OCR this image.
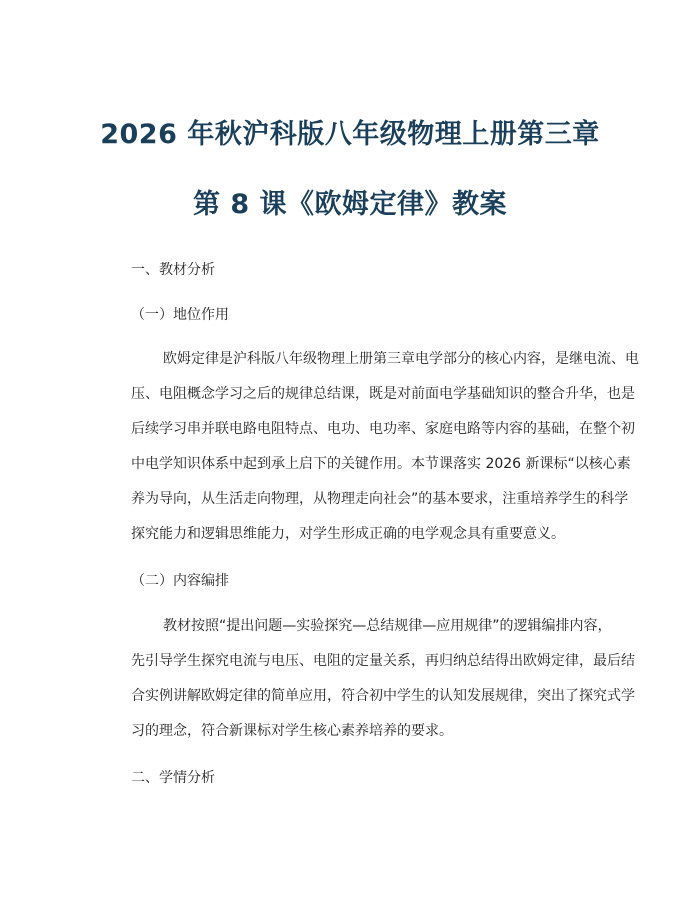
2026 年秋沪科版八年级物理上册第三章
第 8 课《欧姆定律》教案
一、教材分析
（一）地位作用
欧姆定律是沪科版八年级物理上册第三章电学部分的核心内容，是继电流、电
压、电阻概念学习之后的规律总结课，既是对前面电学基础知识的整合升华，也是
后续学习串并联电路电阻特点、电功、电功率、家庭电路等内容的基础，在整个初
中电学知识体系中起到承上启下的关键作用。本节课落实 2026 新课标“以核心素
养为导向，从生活走向物理，从物理走向社会”的基本要求，注重培养学生的科学
探究能力和逻辑思维能力，对学生形成正确的电学观念具有重要意义。
（二）内容编排
教材按照“提出问题—实验探究—总结规律—应用规律”的逻辑编排内容，
先引导学生探究电流与电压、电阻的定量关系，再归纳总结得出欧姆定律，最后结
合实例讲解欧姆定律的简单应用，符合初中学生的认知发展规律，突出了探究式学
习的理念，符合新课标对学生核心素养培养的要求。
二、学情分析
